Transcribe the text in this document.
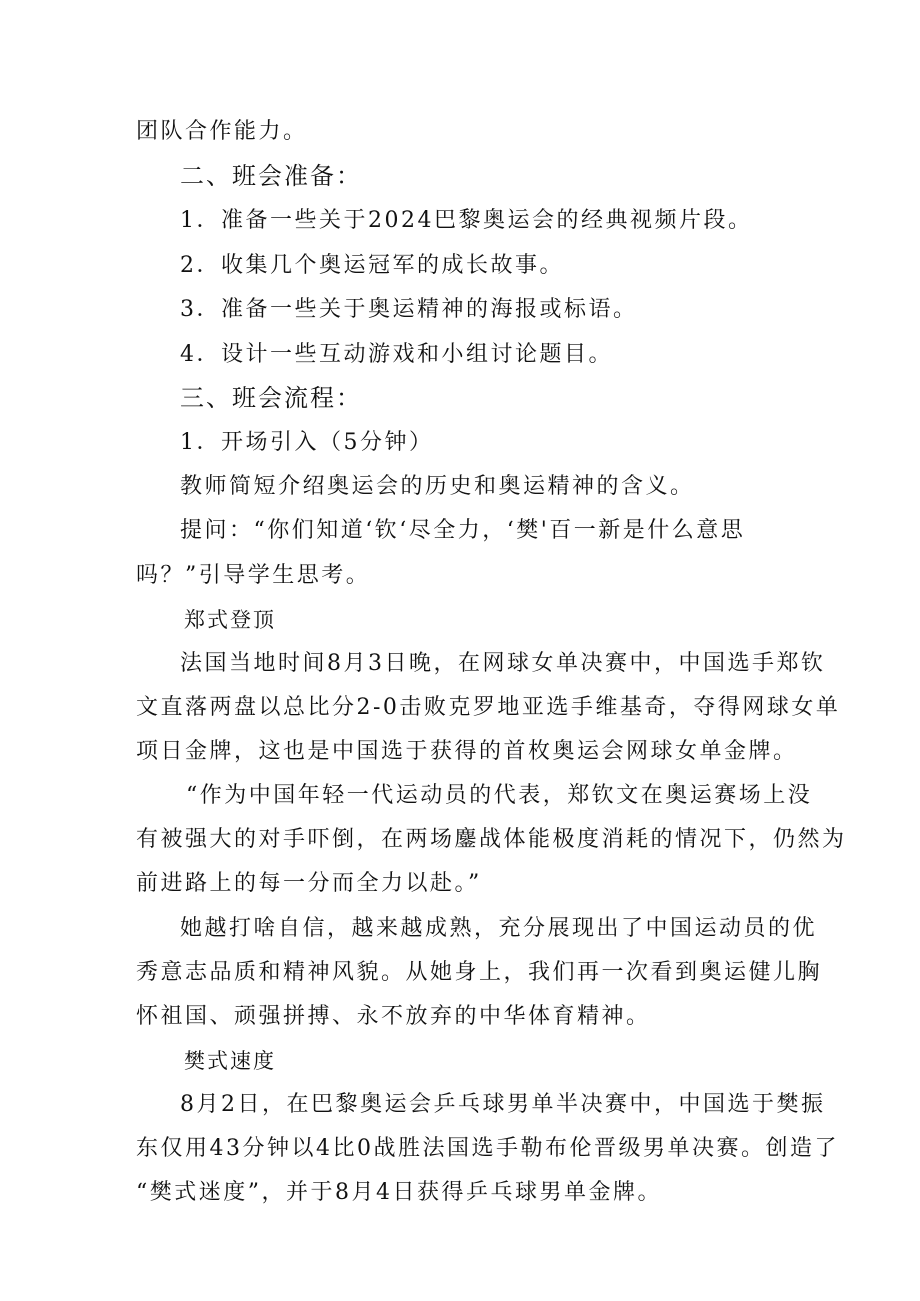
团队合作能力。
二、班会准备：
1．准备一些关于2024巴黎奥运会的经典视频片段。
2．收集几个奥运冠军的成长故事。
3．准备一些关于奥运精神的海报或标语。
4．设计一些互动游戏和小组讨论题目。
三、班会流程：
1．开场引入（5分钟）
教师简短介绍奥运会的历史和奥运精神的含义。
提问：“你们知道‘钦‘尽全力，‘樊'百一新是什么意思
吗？”引导学生思考。
郑式登顶
法国当地时间8月3日晚，在网球女单决赛中，中国选手郑钦
文直落两盘以总比分2-0击败克罗地亚选手维基奇，夺得网球女单
项日金牌，这也是中国选于获得的首枚奥运会网球女单金牌。
“作为中国年轻一代运动员的代表，郑钦文在奥运赛场上没
有被强大的对手吓倒，在两场鏖战体能极度消耗的情况下，仍然为
前进路上的每一分而全力以赴。”
她越打啥自信，越来越成熟，充分展现出了中国运动员的优
秀意志品质和精神风貌。从她身上，我们再一次看到奥运健儿胸
怀祖国、顽强拼搏、永不放弃的中华体育精神。
樊式速度
8月2日，在巴黎奥运会乒乓球男单半决赛中，中国选于樊振
东仅用43分钟以4比0战胜法国选手勒布伦晋级男单决赛。创造了
“樊式迷度”，并于8月4日获得乒乓球男单金牌。
